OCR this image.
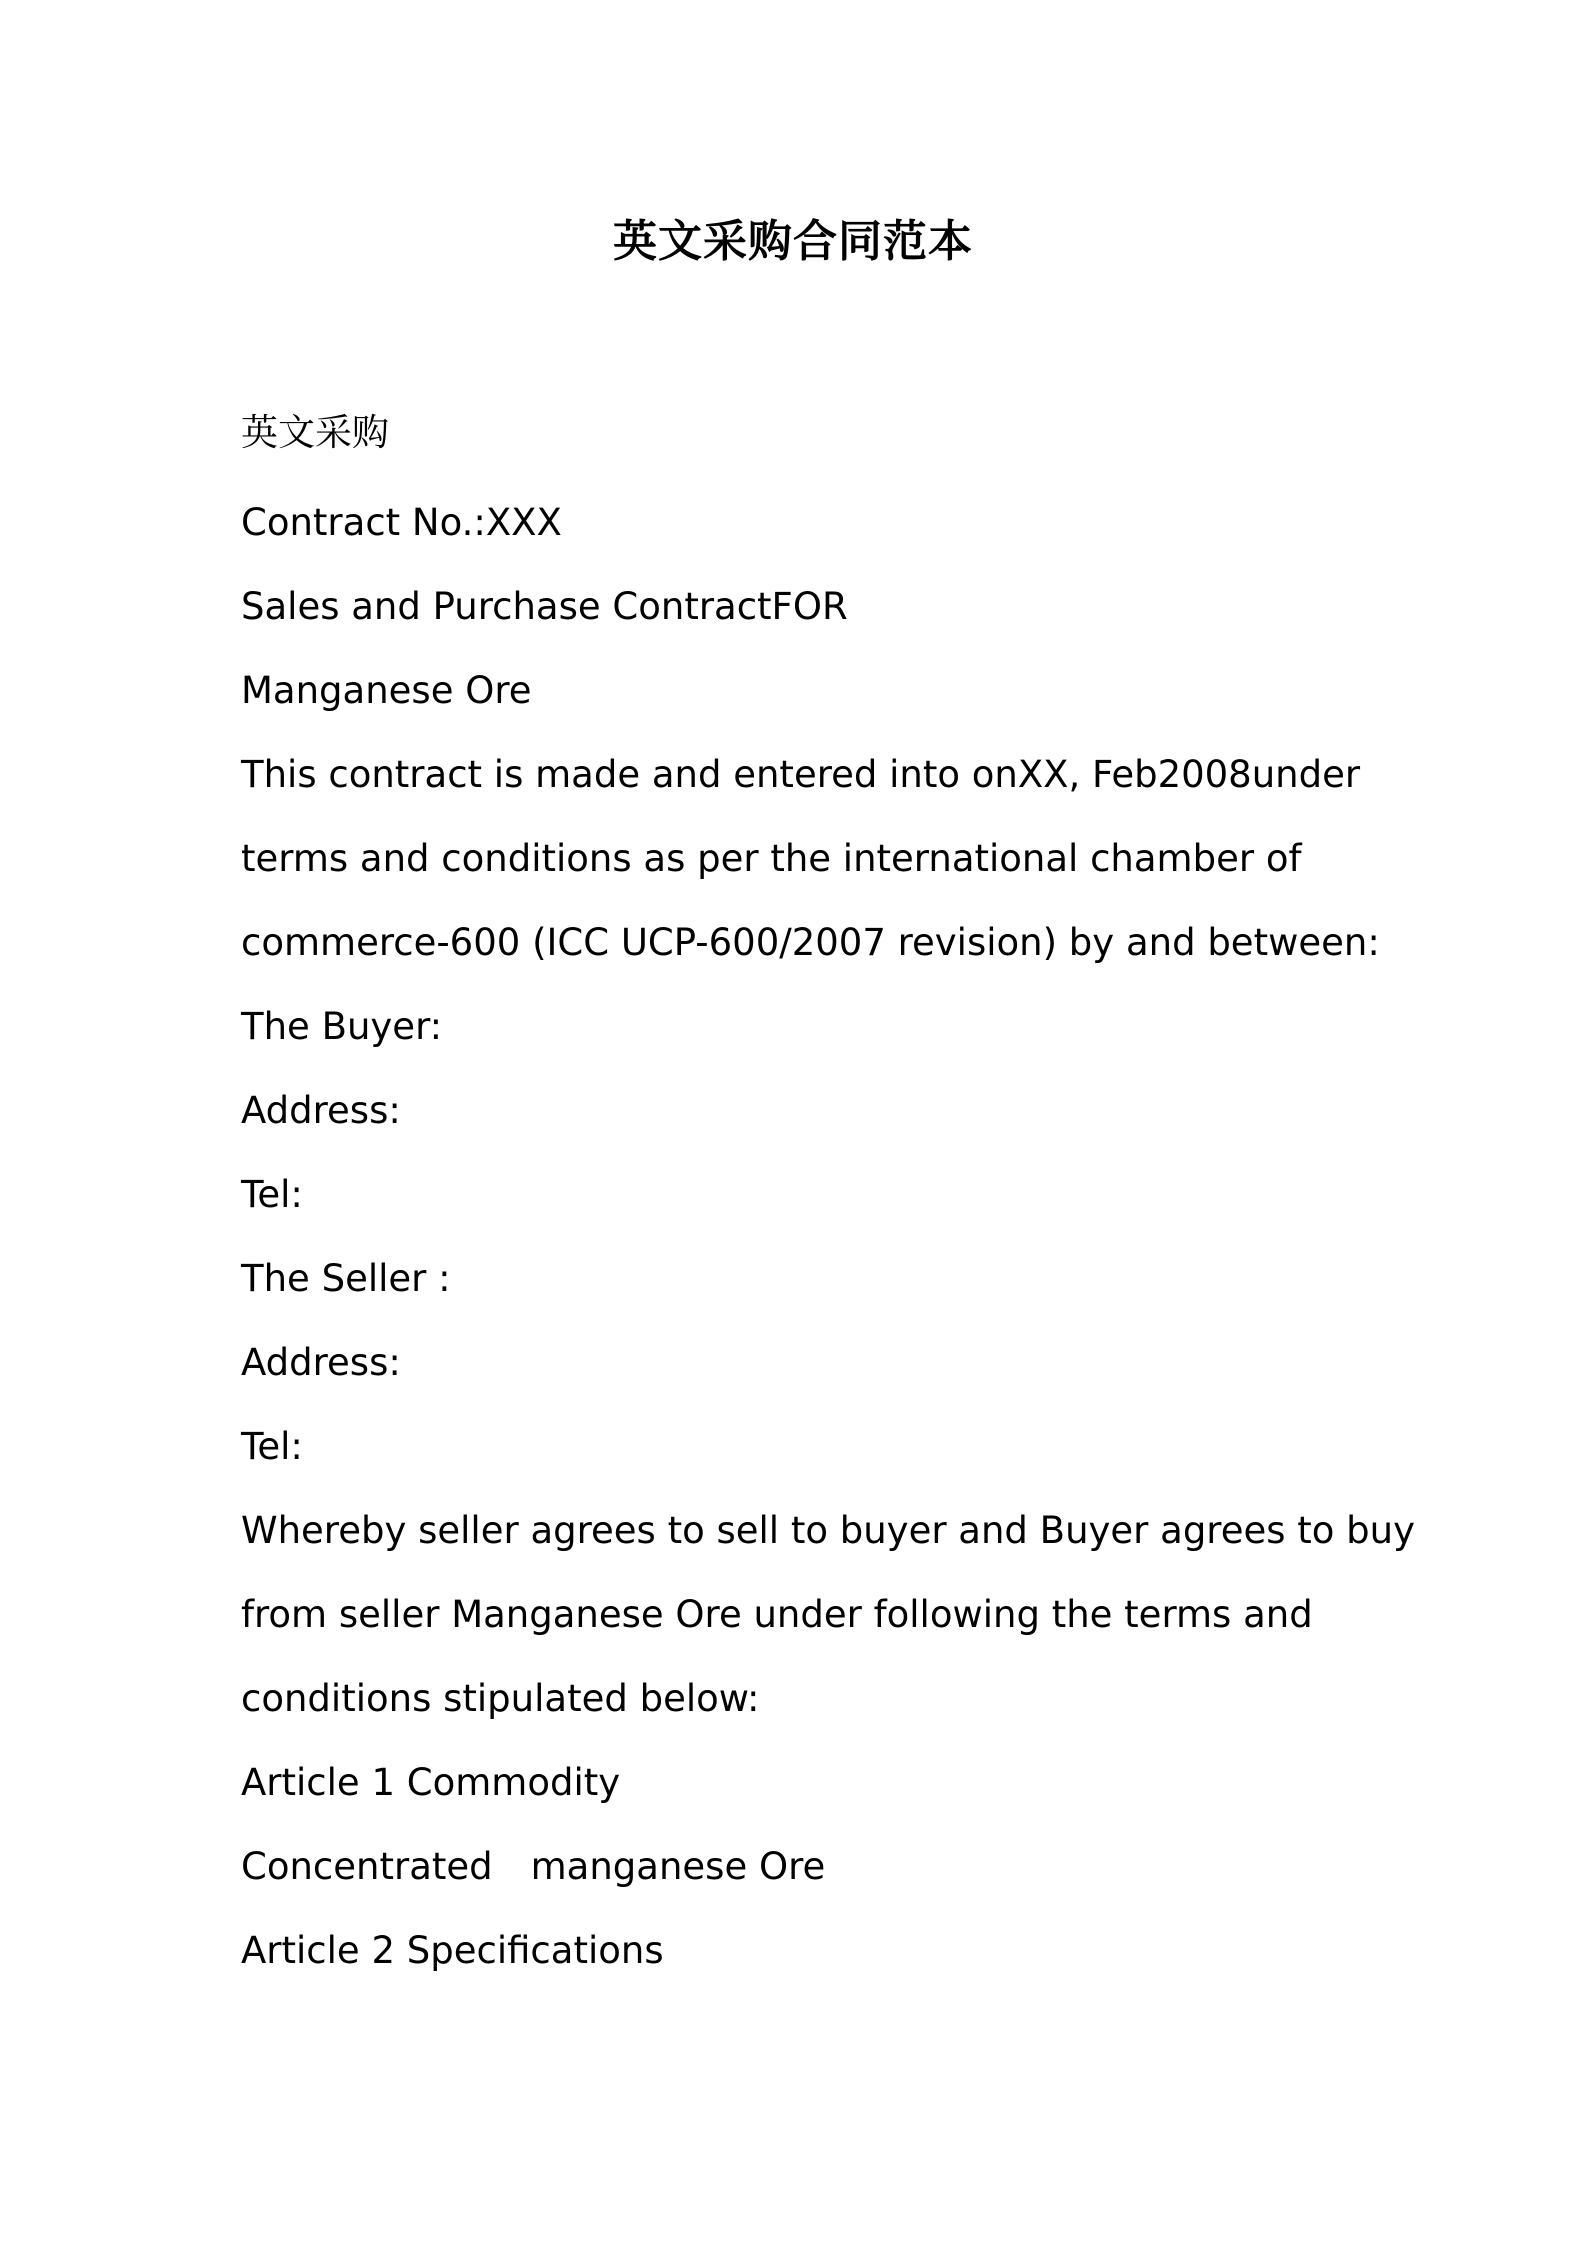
英文采购合同范本

英文采购

Contract No.:XXX

Sales and Purchase ContractFOR

Manganese Ore

This contract is made and entered into onXX, Feb2008under

terms and conditions as per the international chamber of

commerce-600 (ICC UCP-600/2007 revision) by and between:

The Buyer:

Address:

Tel:

The Seller :

Address:

Tel:

Whereby seller agrees to sell to buyer and Buyer agrees to buy

from seller Manganese Ore under following the terms and

conditions stipulated below:

Article 1 Commodity

Concentrated manganese Ore

Article 2 Specifications
